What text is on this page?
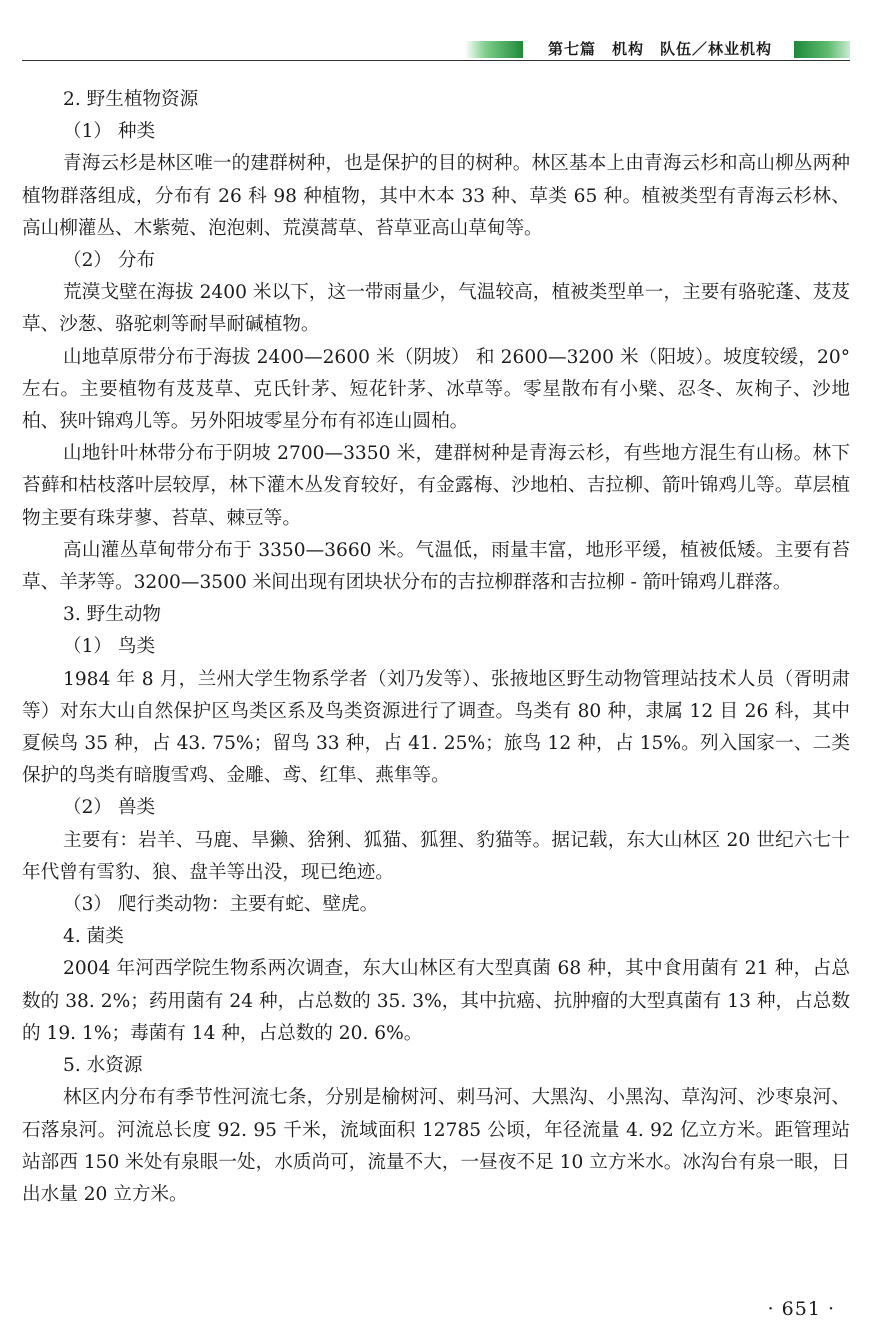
第七篇　机构　队伍／林业机构

2. 野生植物资源

（1） 种类

青海云杉是林区唯一的建群树种，也是保护的目的树种。林区基本上由青海云杉和高山柳丛两种植物群落组成，分布有 26 科 98 种植物，其中木本 33 种、草类 65 种。植被类型有青海云杉林、高山柳灌丛、木紫菀、泡泡刺、荒漠蒿草、苔草亚高山草甸等。

（2） 分布

荒漠戈壁在海拔 2400 米以下，这一带雨量少，气温较高，植被类型单一，主要有骆驼蓬、芨芨草、沙葱、骆驼刺等耐旱耐碱植物。

山地草原带分布于海拔 2400—2600 米（阴坡） 和 2600—3200 米（阳坡）。坡度较缓，20°左右。主要植物有芨芨草、克氏针茅、短花针茅、冰草等。零星散布有小檗、忍冬、灰栒子、沙地柏、狭叶锦鸡儿等。另外阳坡零星分布有祁连山圆柏。

山地针叶林带分布于阴坡 2700—3350 米，建群树种是青海云杉，有些地方混生有山杨。林下苔藓和枯枝落叶层较厚，林下灌木丛发育较好，有金露梅、沙地柏、吉拉柳、箭叶锦鸡儿等。草层植物主要有珠芽蓼、苔草、棘豆等。

高山灌丛草甸带分布于 3350—3660 米。气温低，雨量丰富，地形平缓，植被低矮。主要有苔草、羊茅等。3200—3500 米间出现有团块状分布的吉拉柳群落和吉拉柳 - 箭叶锦鸡儿群落。

3. 野生动物

（1） 鸟类

1984 年 8 月，兰州大学生物系学者（刘乃发等）、张掖地区野生动物管理站技术人员（胥明肃等）对东大山自然保护区鸟类区系及鸟类资源进行了调查。鸟类有 80 种，隶属 12 目 26 科，其中夏候鸟 35 种，占 43. 75%；留鸟 33 种，占 41. 25%；旅鸟 12 种，占 15%。列入国家一、二类保护的鸟类有暗腹雪鸡、金雕、鸢、红隼、燕隼等。

（2） 兽类

主要有：岩羊、马鹿、旱獭、猞猁、狐猫、狐狸、豹猫等。据记载，东大山林区 20 世纪六七十年代曾有雪豹、狼、盘羊等出没，现已绝迹。

（3） 爬行类动物：主要有蛇、壁虎。

4. 菌类

2004 年河西学院生物系两次调查，东大山林区有大型真菌 68 种，其中食用菌有 21 种，占总数的 38. 2%；药用菌有 24 种，占总数的 35. 3%，其中抗癌、抗肿瘤的大型真菌有 13 种，占总数的 19. 1%；毒菌有 14 种，占总数的 20. 6%。

5. 水资源

林区内分布有季节性河流七条，分别是榆树河、刺马河、大黑沟、小黑沟、草沟河、沙枣泉河、石落泉河。河流总长度 92. 95 千米，流域面积 12785 公顷，年径流量 4. 92 亿立方米。距管理站站部西 150 米处有泉眼一处，水质尚可，流量不大，一昼夜不足 10 立方米水。冰沟台有泉一眼，日出水量 20 立方米。

· 651 ·
